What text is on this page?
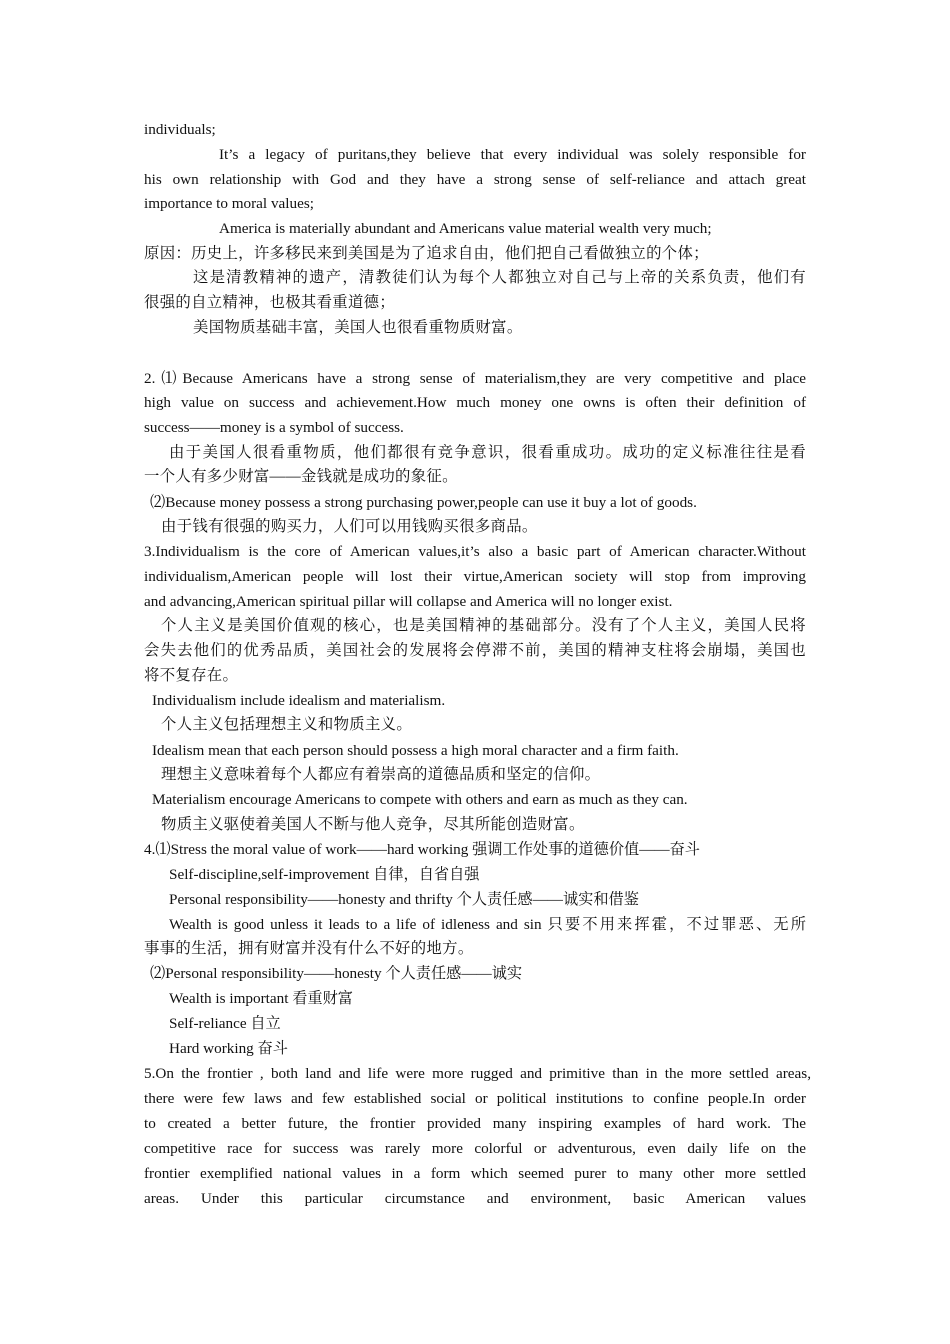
individuals;
It’s a legacy of puritans,they believe that every individual was solely responsible for
his own relationship with God and they have a strong sense of self-reliance and attach great
importance to moral values;
America is materially abundant and Americans value material wealth very much;
原因：历史上，许多移民来到美国是为了追求自由，他们把自己看做独立的个体；
这是清教精神的遗产，清教徒们认为每个人都独立对自己与上帝的关系负责，他们有
很强的自立精神，也极其看重道德；
美国物质基础丰富，美国人也很看重物质财富。
2.⑴Because Americans have a strong sense of materialism,they are very competitive and place
high value on success and achievement.How much money one owns is often their definition of
success——money is a symbol of success.
由于美国人很看重物质，他们都很有竞争意识，很看重成功。成功的定义标准往往是看
一个人有多少财富——金钱就是成功的象征。
⑵Because money possess a strong purchasing power,people can use it buy a lot of goods.
由于钱有很强的购买力，人们可以用钱购买很多商品。
3.Individualism is the core of American values,it’s also a basic part of American character.Without
individualism,American people will lost their virtue,American society will stop from improving
and advancing,American spiritual pillar will collapse and America will no longer exist.
个人主义是美国价值观的核心，也是美国精神的基础部分。没有了个人主义，美国人民将
会失去他们的优秀品质，美国社会的发展将会停滞不前，美国的精神支柱将会崩塌，美国也
将不复存在。
Individualism include idealism and materialism.
个人主义包括理想主义和物质主义。
Idealism mean that each person should possess a high moral character and a firm faith.
理想主义意味着每个人都应有着崇高的道德品质和坚定的信仰。
Materialism encourage Americans to compete with others and earn as much as they can.
物质主义驱使着美国人不断与他人竞争，尽其所能创造财富。
4.⑴Stress the moral value of work——hard working 强调工作处事的道德价值——奋斗
Self-discipline,self-improvement 自律，自省自强
Personal responsibility——honesty and thrifty 个人责任感——诚实和借鉴
Wealth is good unless it leads to a life of idleness and sin 只要不用来挥霍，不过罪恶、无所
事事的生活，拥有财富并没有什么不好的地方。
⑵Personal responsibility——honesty 个人责任感——诚实
Wealth is important 看重财富
Self-reliance 自立
Hard working 奋斗
5.On the frontier , both land and life were more rugged and primitive than in the more settled areas,
there were few laws and few established social or political institutions to confine people.In order
to created a better future, the frontier provided many inspiring examples of hard work. The
competitive race for success was rarely more colorful or adventurous, even daily life on the
frontier exemplified national values in a form which seemed purer to many other more settled
areas. Under this particular circumstance and environment, basic American values
